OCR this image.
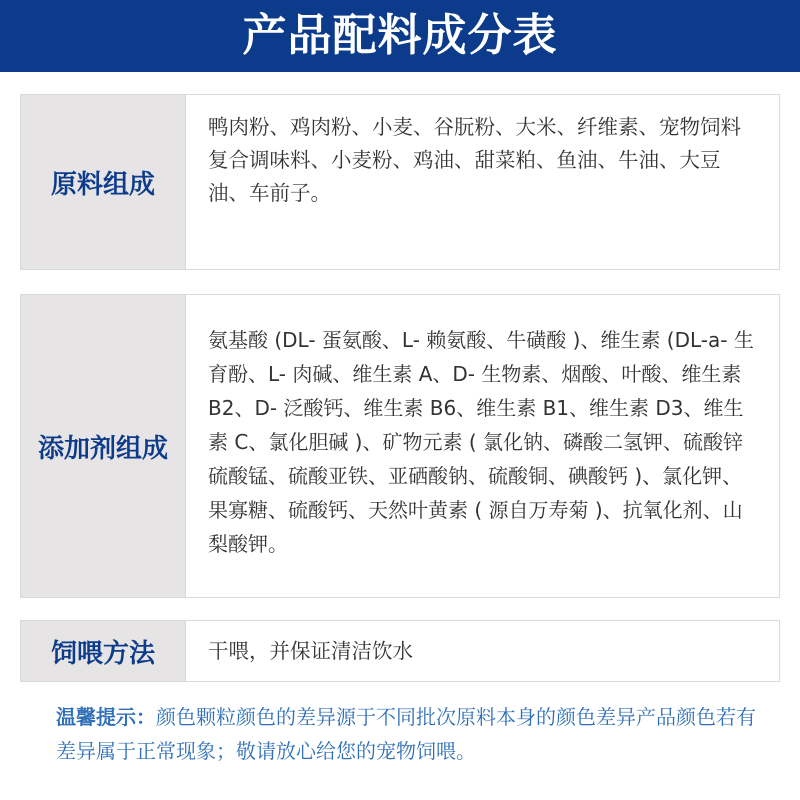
产品配料成分表
原料组成
鸭肉粉、鸡肉粉、小麦、谷朊粉、大米、纤维素、宠物饲料复合调味料、小麦粉、鸡油、甜菜粕、鱼油、牛油、大豆油、车前子。
添加剂组成
氨基酸 (DL- 蛋氨酸、L- 赖氨酸、牛磺酸 )、维生素 (DL-a- 生育酚、L- 肉碱、维生素 A、D- 生物素、烟酸、叶酸、维生素 B2、D- 泛酸钙、维生素 B6、维生素 B1、维生素 D3、维生素 C、氯化胆碱 )、矿物元素 ( 氯化钠、磷酸二氢钾、硫酸锌硫酸锰、硫酸亚铁、亚硒酸钠、硫酸铜、碘酸钙 )、氯化钾、果寡糖、硫酸钙、天然叶黄素 ( 源自万寿菊 )、抗氧化剂、山梨酸钾。
饲喂方法	干喂，并保证清洁饮水
温馨提示：颜色颗粒颜色的差异源于不同批次原料本身的颜色差异产品颜色若有差异属于正常现象；敬请放心给您的宠物饲喂。
